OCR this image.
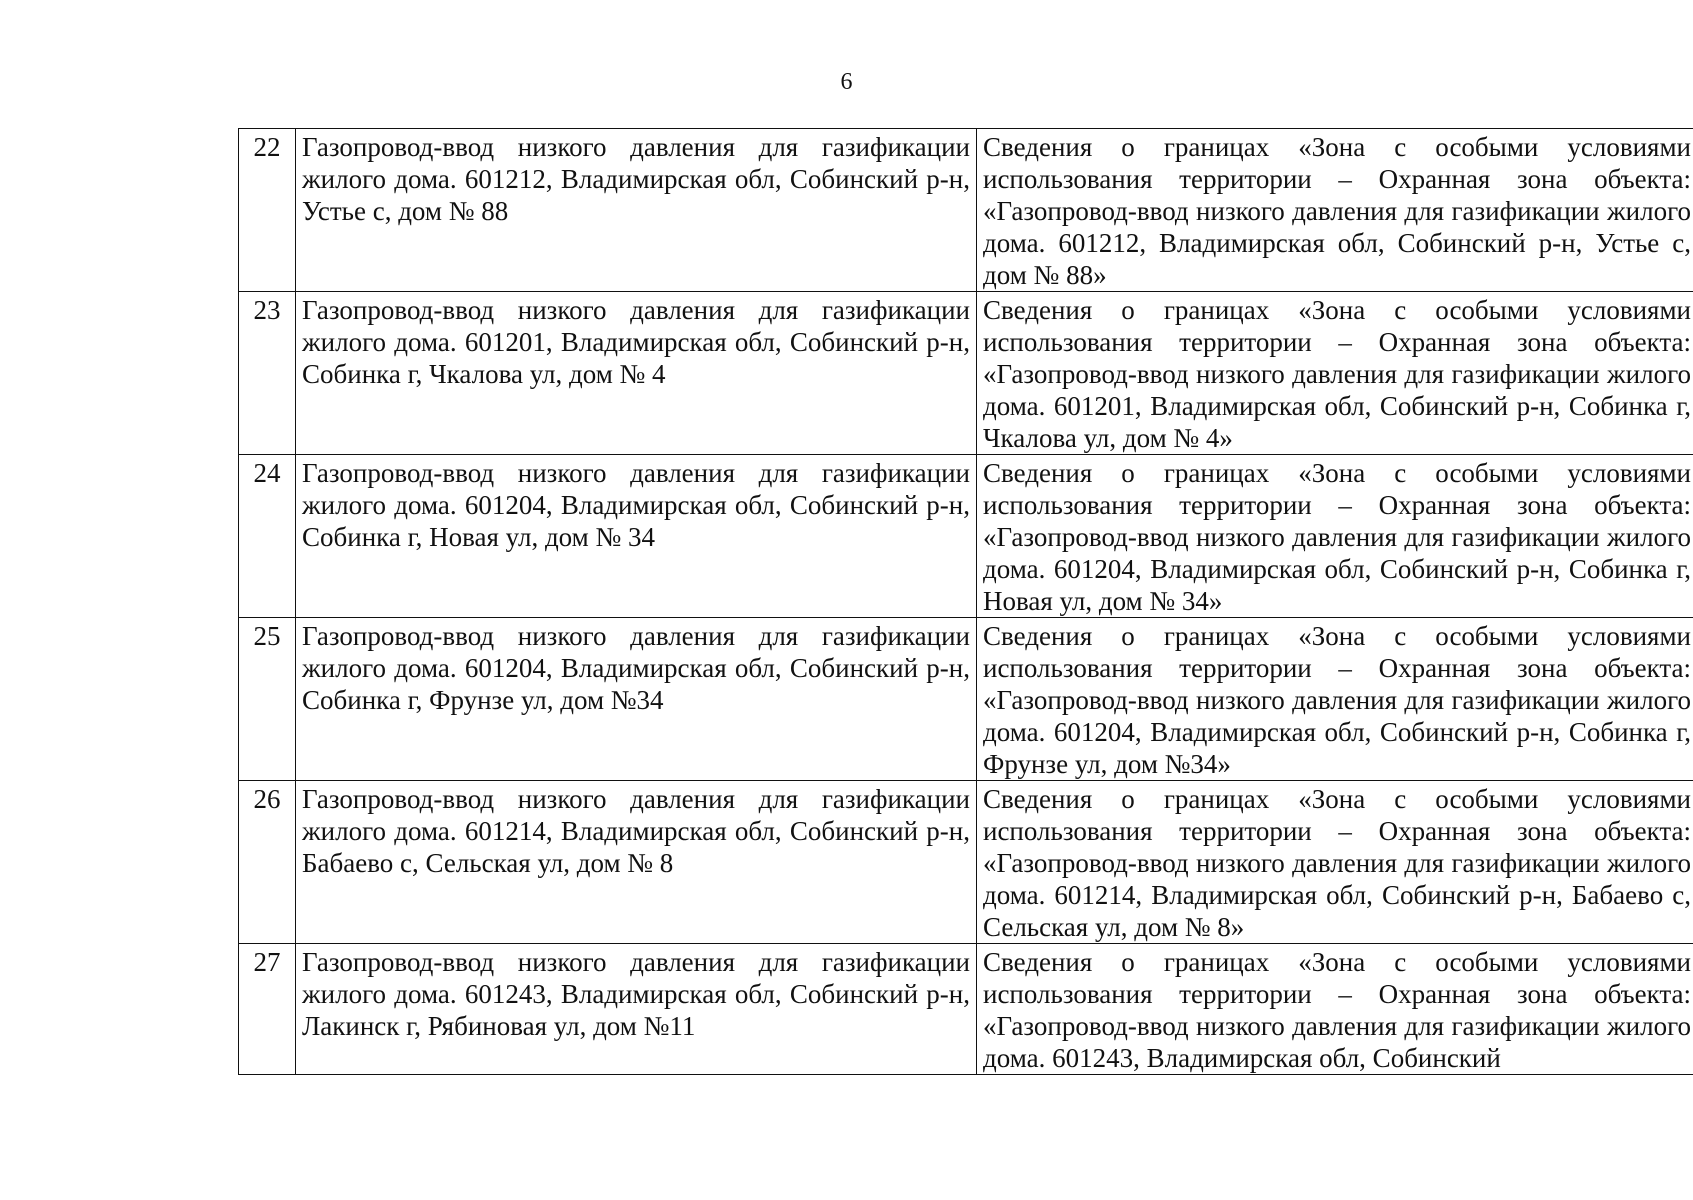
6
22	Газопровод-ввод низкого давления для газификации жилого дома. 601212, Владимирская обл, Собинский р-н, Устье с, дом № 88	Сведения о границах «Зона с особыми условиями использования территории – Охранная зона объекта: «Газопровод-ввод низкого давления для газификации жилого дома. 601212, Владимирская обл, Собинский р-н, Устье с, дом № 88»
23	Газопровод-ввод низкого давления для газификации жилого дома. 601201, Владимирская обл, Собинский р-н, Собинка г, Чкалова ул, дом № 4	Сведения о границах «Зона с особыми условиями использования территории – Охранная зона объекта: «Газопровод-ввод низкого давления для газификации жилого дома. 601201, Владимирская обл, Собинский р-н, Собинка г, Чкалова ул, дом № 4»
24	Газопровод-ввод низкого давления для газификации жилого дома. 601204, Владимирская обл, Собинский р-н, Собинка г, Новая ул, дом № 34	Сведения о границах «Зона с особыми условиями использования территории – Охранная зона объекта: «Газопровод-ввод низкого давления для газификации жилого дома. 601204, Владимирская обл, Собинский р-н, Собинка г, Новая ул, дом № 34»
25	Газопровод-ввод низкого давления для газификации жилого дома. 601204, Владимирская обл, Собинский р-н, Собинка г, Фрунзе ул, дом №34	Сведения о границах «Зона с особыми условиями использования территории – Охранная зона объекта: «Газопровод-ввод низкого давления для газификации жилого дома. 601204, Владимирская обл, Собинский р-н, Собинка г, Фрунзе ул, дом №34»
26	Газопровод-ввод низкого давления для газификации жилого дома. 601214, Владимирская обл, Собинский р-н, Бабаево с, Сельская ул, дом № 8	Сведения о границах «Зона с особыми условиями использования территории – Охранная зона объекта: «Газопровод-ввод низкого давления для газификации жилого дома. 601214, Владимирская обл, Собинский р-н, Бабаево с, Сельская ул, дом № 8»
27	Газопровод-ввод низкого давления для газификации жилого дома. 601243, Владимирская обл, Собинский р-н, Лакинск г, Рябиновая ул, дом №11	Сведения о границах «Зона с особыми условиями использования территории – Охранная зона объекта: «Газопровод-ввод низкого давления для газификации жилого дома. 601243, Владимирская обл, Собинский
